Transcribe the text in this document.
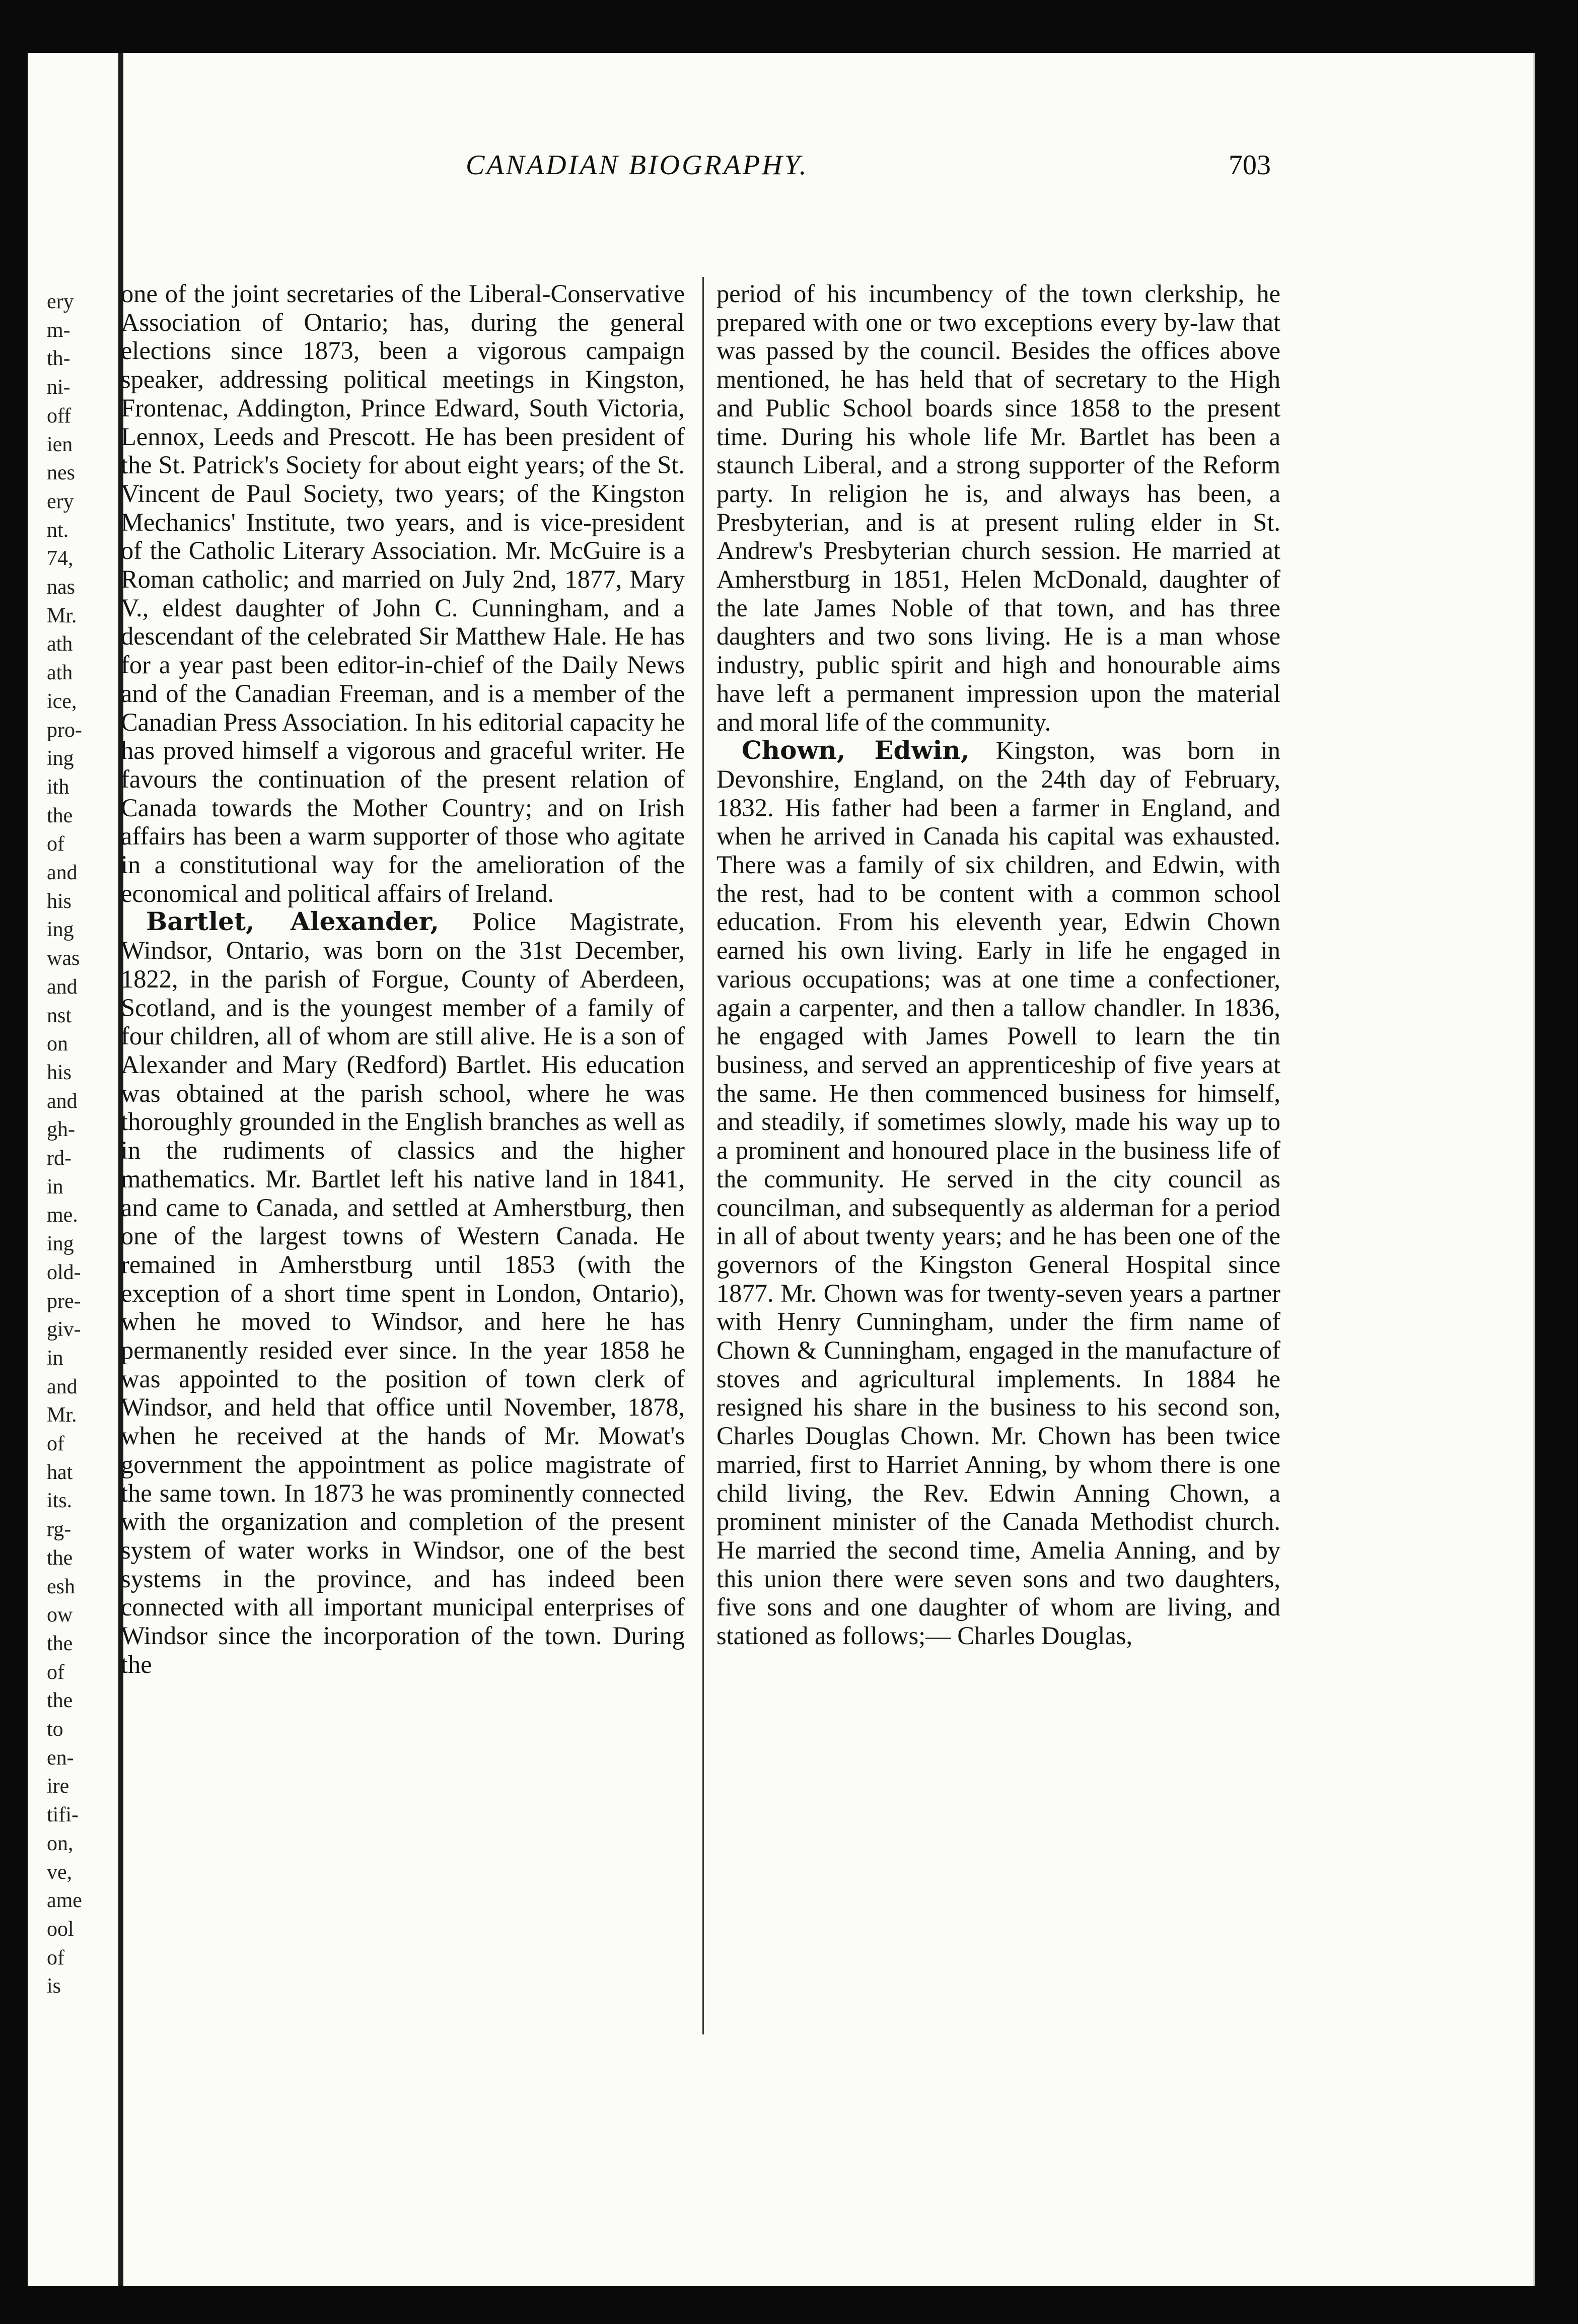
ery
m-
th-
ni-
off
ien
nes
ery
nt.
74,
nas
Mr.
ath
ath
ice,
pro-
ing
ith
the
of
and
his
ing
was
and
nst
on
his
and
gh-
rd-
in
me.
ing
old-
pre-
giv-
in
and
Mr.
of
hat
its.
rg-
the
esh
ow
the
of
the
to
en-
ire
tifi-
on,
ve,
ame
ool
of
is
CANADIAN BIOGRAPHY.	703

one of the joint secretaries of the Liberal-Conservative Association of Ontario; has, during the general elections since 1873, been a vigorous campaign speaker, addressing political meetings in Kingston, Frontenac, Addington, Prince Edward, South Victoria, Lennox, Leeds and Prescott. He has been president of the St. Patrick's Society for about eight years; of the St. Vincent de Paul Society, two years; of the Kingston Mechanics' Institute, two years, and is vice-president of the Catholic Literary Association. Mr. McGuire is a Roman catholic; and married on July 2nd, 1877, Mary V., eldest daughter of John C. Cunningham, and a descendant of the celebrated Sir Matthew Hale. He has for a year past been editor-in-chief of the Daily News and of the Canadian Freeman, and is a member of the Canadian Press Association. In his editorial capacity he has proved himself a vigorous and graceful writer. He favours the continuation of the present relation of Canada towards the Mother Country; and on Irish affairs has been a warm supporter of those who agitate in a constitutional way for the amelioration of the economical and political affairs of Ireland.

Bartlet, Alexander, Police Magistrate, Windsor, Ontario, was born on the 31st December, 1822, in the parish of Forgue, County of Aberdeen, Scotland, and is the youngest member of a family of four children, all of whom are still alive. He is a son of Alexander and Mary (Redford) Bartlet. His education was obtained at the parish school, where he was thoroughly grounded in the English branches as well as in the rudiments of classics and the higher mathematics. Mr. Bartlet left his native land in 1841, and came to Canada, and settled at Amherstburg, then one of the largest towns of Western Canada. He remained in Amherstburg until 1853 (with the exception of a short time spent in London, Ontario), when he moved to Windsor, and here he has permanently resided ever since. In the year 1858 he was appointed to the position of town clerk of Windsor, and held that office until November, 1878, when he received at the hands of Mr. Mowat's government the appointment as police magistrate of the same town. In 1873 he was prominently connected with the organization and completion of the present system of water works in Windsor, one of the best systems in the province, and has indeed been connected with all important municipal enterprises of Windsor since the incorporation of the town. During the

period of his incumbency of the town clerkship, he prepared with one or two exceptions every by-law that was passed by the council. Besides the offices above mentioned, he has held that of secretary to the High and Public School boards since 1858 to the present time. During his whole life Mr. Bartlet has been a staunch Liberal, and a strong supporter of the Reform party. In religion he is, and always has been, a Presbyterian, and is at present ruling elder in St. Andrew's Presbyterian church session. He married at Amherstburg in 1851, Helen McDonald, daughter of the late James Noble of that town, and has three daughters and two sons living. He is a man whose industry, public spirit and high and honourable aims have left a permanent impression upon the material and moral life of the community.

Chown, Edwin, Kingston, was born in Devonshire, England, on the 24th day of February, 1832. His father had been a farmer in England, and when he arrived in Canada his capital was exhausted. There was a family of six children, and Edwin, with the rest, had to be content with a common school education. From his eleventh year, Edwin Chown earned his own living. Early in life he engaged in various occupations; was at one time a confectioner, again a carpenter, and then a tallow chandler. In 1836, he engaged with James Powell to learn the tin business, and served an apprenticeship of five years at the same. He then commenced business for himself, and steadily, if sometimes slowly, made his way up to a prominent and honoured place in the business life of the community. He served in the city council as councilman, and subsequently as alderman for a period in all of about twenty years; and he has been one of the governors of the Kingston General Hospital since 1877. Mr. Chown was for twenty-seven years a partner with Henry Cunningham, under the firm name of Chown & Cunningham, engaged in the manufacture of stoves and agricultural implements. In 1884 he resigned his share in the business to his second son, Charles Douglas Chown. Mr. Chown has been twice married, first to Harriet Anning, by whom there is one child living, the Rev. Edwin Anning Chown, a prominent minister of the Canada Methodist church. He married the second time, Amelia Anning, and by this union there were seven sons and two daughters, five sons and one daughter of whom are living, and stationed as follows;— Charles Douglas,
